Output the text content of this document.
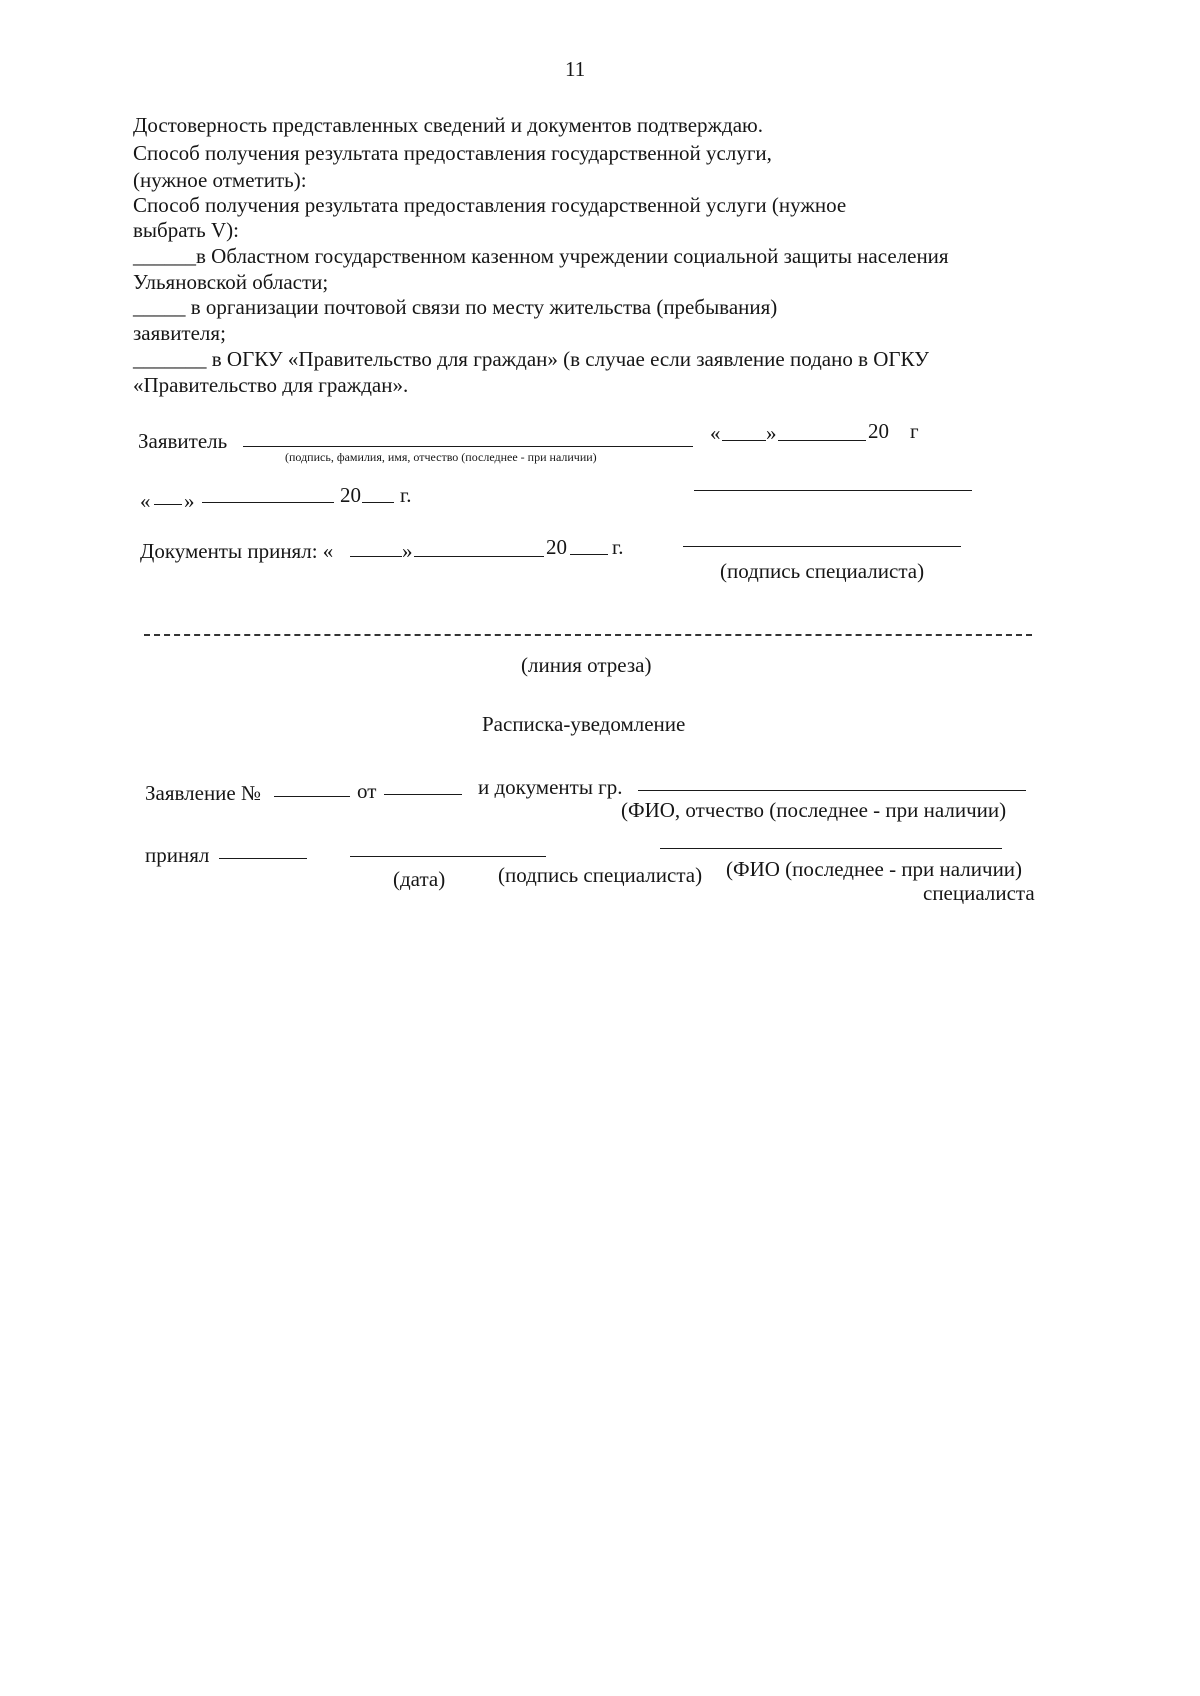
11
Достоверность представленных сведений и документов подтверждаю.
Способ получения результата предоставления государственной услуги,
(нужное отметить):
Способ получения результата предоставления государственной услуги (нужное
выбрать V):
______в Областном государственном казенном учреждении социальной защиты населения
Ульяновской области;
_____ в организации почтовой связи по месту жительства (пребывания)
заявителя;
_______ в ОГКУ «Правительство для граждан» (в случае если заявление подано в ОГКУ
«Правительство для граждан».
Заявитель
(подпись, фамилия, имя, отчество (последнее - при наличии)
« »	20 г
« »	20 г.
Документы принял: «	»	20 г.
(подпись специалиста)
(линия отреза)
Расписка-уведомление
Заявление №	от	и документы гр.
(ФИО, отчество (последнее - при наличии)
принял
(дата)	(подпись специалиста) (ФИО (последнее - при наличии)
специалиста
